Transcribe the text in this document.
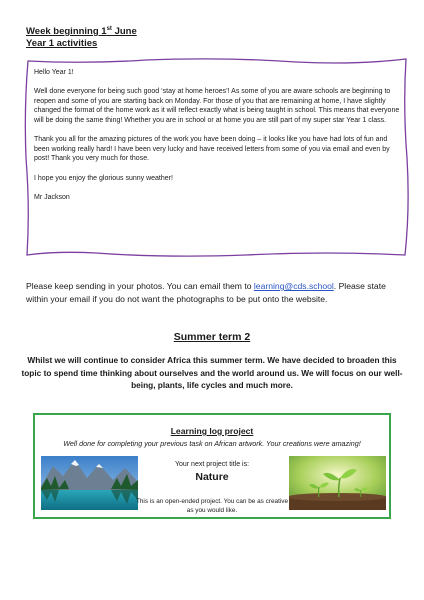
Week beginning 1st June
Year 1 activities

Hello Year 1!

Well done everyone for being such good ‘stay at home heroes’! As some of you are aware schools are beginning to reopen and some of you are starting back on Monday. For those of you that are remaining at home, I have slightly changed the format of the home work as it will reflect exactly what is being taught in school. This means that everyone will be doing the same thing! Whether you are in school or at home you are still part of my super star Year 1 class.

Thank you all for the amazing pictures of the work you have been doing – it looks like you have had lots of fun and been working really hard! I have been very lucky and have received letters from some of you via email and even by post! Thank you very much for those.

I hope you enjoy the glorious sunny weather!

Mr Jackson

Please keep sending in your photos. You can email them to learning@cds.school. Please state within your email if you do not want the photographs to be put onto the website.
Summer term 2
Whilst we will continue to consider Africa this summer term. We have decided to broaden this topic to spend time thinking about ourselves and the world around us. We will focus on our well-being, plants, life cycles and much more.
Learning log project
Well done for completing your previous task on African artwork. Your creations were amazing!
Your next project title is:
Nature
This is an open-ended project. You can be as creative as you would like.
